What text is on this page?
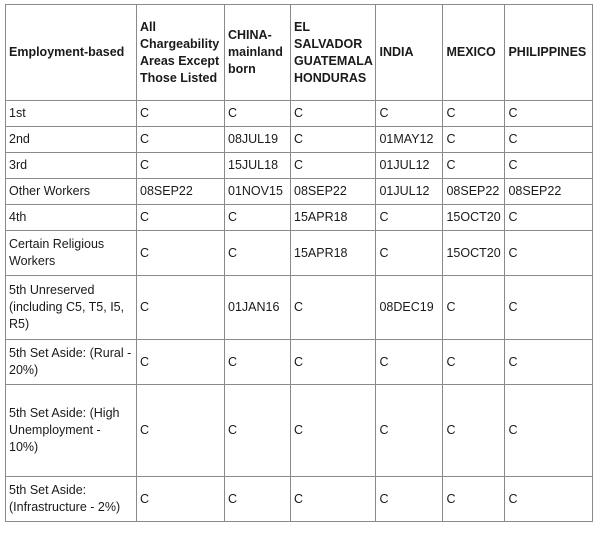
Employment-based	All Chargeability Areas Except Those Listed	CHINA-mainland born	EL SALVADOR GUATEMALA HONDURAS	INDIA	MEXICO	PHILIPPINES
1st	C	C	C	C	C	C
2nd	C	08JUL19	C	01MAY12	C	C
3rd	C	15JUL18	C	01JUL12	C	C
Other Workers	08SEP22	01NOV15	08SEP22	01JUL12	08SEP22	08SEP22
4th	C	C	15APR18	C	15OCT20	C
Certain Religious Workers	C	C	15APR18	C	15OCT20	C
5th Unreserved (including C5, T5, I5, R5)	C	01JAN16	C	08DEC19	C	C
5th Set Aside: (Rural - 20%)	C	C	C	C	C	C
5th Set Aside: (High Unemployment - 10%)	C	C	C	C	C	C
5th Set Aside: (Infrastructure - 2%)	C	C	C	C	C	C
